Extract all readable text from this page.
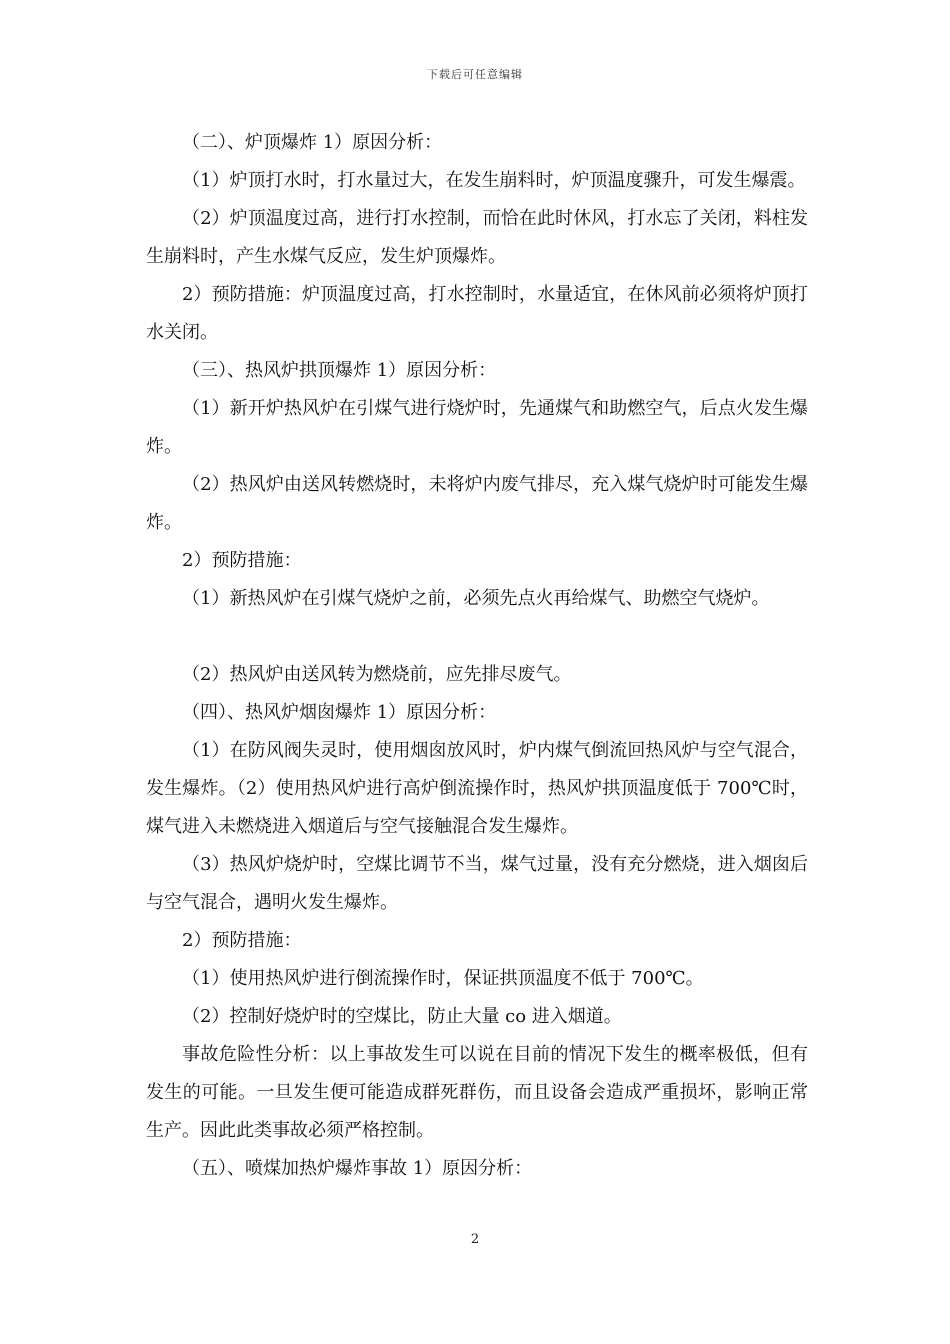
下载后可任意编辑

（二）、炉顶爆炸 1）原因分析：

（1）炉顶打水时，打水量过大，在发生崩料时，炉顶温度骤升，可发生爆震。

（2）炉顶温度过高，进行打水控制，而恰在此时休风，打水忘了关闭，料柱发生崩料时，产生水煤气反应，发生炉顶爆炸。

2）预防措施：炉顶温度过高，打水控制时，水量适宜，在休风前必须将炉顶打水关闭。

（三）、热风炉拱顶爆炸 1）原因分析：

（1）新开炉热风炉在引煤气进行烧炉时，先通煤气和助燃空气，后点火发生爆炸。

（2）热风炉由送风转燃烧时，未将炉内废气排尽，充入煤气烧炉时可能发生爆炸。

2）预防措施：

（1）新热风炉在引煤气烧炉之前，必须先点火再给煤气、助燃空气烧炉。

（2）热风炉由送风转为燃烧前，应先排尽废气。

（四）、热风炉烟囱爆炸 1）原因分析：

（1）在防风阀失灵时，使用烟囱放风时，炉内煤气倒流回热风炉与空气混合，发生爆炸。（2）使用热风炉进行高炉倒流操作时，热风炉拱顶温度低于 700℃时，煤气进入未燃烧进入烟道后与空气接触混合发生爆炸。

（3）热风炉烧炉时，空煤比调节不当，煤气过量，没有充分燃烧，进入烟囱后与空气混合，遇明火发生爆炸。

2）预防措施：

（1）使用热风炉进行倒流操作时，保证拱顶温度不低于 700℃。

（2）控制好烧炉时的空煤比，防止大量 co 进入烟道。

事故危险性分析：以上事故发生可以说在目前的情况下发生的概率极低，但有发生的可能。一旦发生便可能造成群死群伤，而且设备会造成严重损坏，影响正常生产。因此此类事故必须严格控制。

（五）、喷煤加热炉爆炸事故 1）原因分析：

2
